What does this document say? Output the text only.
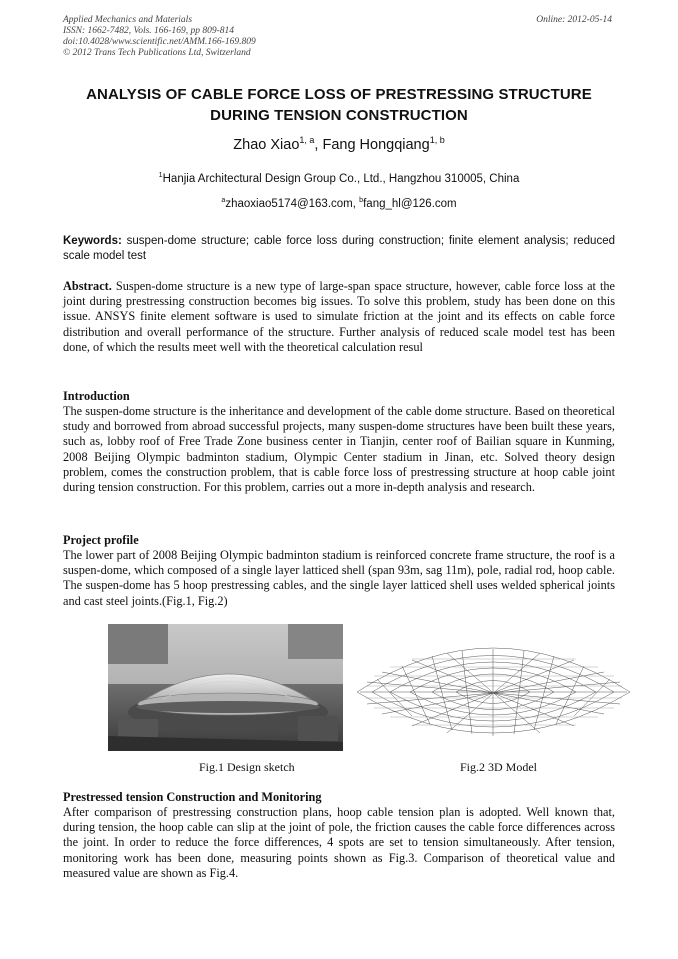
Applied Mechanics and Materials
ISSN: 1662-7482, Vols. 166-169, pp 809-814
doi:10.4028/www.scientific.net/AMM.166-169.809
© 2012 Trans Tech Publications Ltd, Switzerland
Online: 2012-05-14
ANALYSIS OF CABLE FORCE LOSS OF PRESTRESSING STRUCTURE
DURING TENSION CONSTRUCTION
Zhao Xiao$^{1, a}$, Fang Hongqiang$^{1, b}$
$^1$Hanjia Architectural Design Group Co., Ltd., Hangzhou 310005, China
$^a$zhaoxiao5174@163.com, $^b$fang_hl@126.com
Keywords: suspen-dome structure; cable force loss during construction; finite element analysis; reduced scale model test
Abstract. Suspen-dome structure is a new type of large-span space structure, however, cable force loss at the joint during prestressing construction becomes big issues. To solve this problem, study has been done on this issue. ANSYS finite element software is used to simulate friction at the joint and its effects on cable force distribution and overall performance of the structure. Further analysis of reduced scale model test has been done, of which the results meet well with the theoretical calculation resul
Introduction
The suspen-dome structure is the inheritance and development of the cable dome structure. Based on theoretical study and borrowed from abroad successful projects, many suspen-dome structures have been built these years, such as, lobby roof of Free Trade Zone business center in Tianjin, center roof of Bailian square in Kunming, 2008 Beijing Olympic badminton stadium, Olympic Center stadium in Jinan, etc. Solved theory design problem, comes the construction problem, that is cable force loss of prestressing structure at hoop cable joint during tension construction. For this problem, carries out a more in-depth analysis and research.
Project profile
The lower part of 2008 Beijing Olympic badminton stadium is reinforced concrete frame structure, the roof is a suspen-dome, which composed of a single layer latticed shell (span 93m, sag 11m), pole, radial rod, hoop cable. The suspen-dome has 5 hoop prestressing cables, and the single layer latticed shell uses welded spherical joints and cast steel joints.(Fig.1, Fig.2)
Fig.1 Design sketch	Fig.2 3D Model
Prestressed tension Construction and Monitoring
After comparison of prestressing construction plans, hoop cable tension plan is adopted. Well known that, during tension, the hoop cable can slip at the joint of pole, the friction causes the cable force differences across the joint. In order to reduce the force differences, 4 spots are set to tension simultaneously. After tension, monitoring work has been done, measuring points shown as Fig.3. Comparison of theoretical value and measured value are shown as Fig.4.
